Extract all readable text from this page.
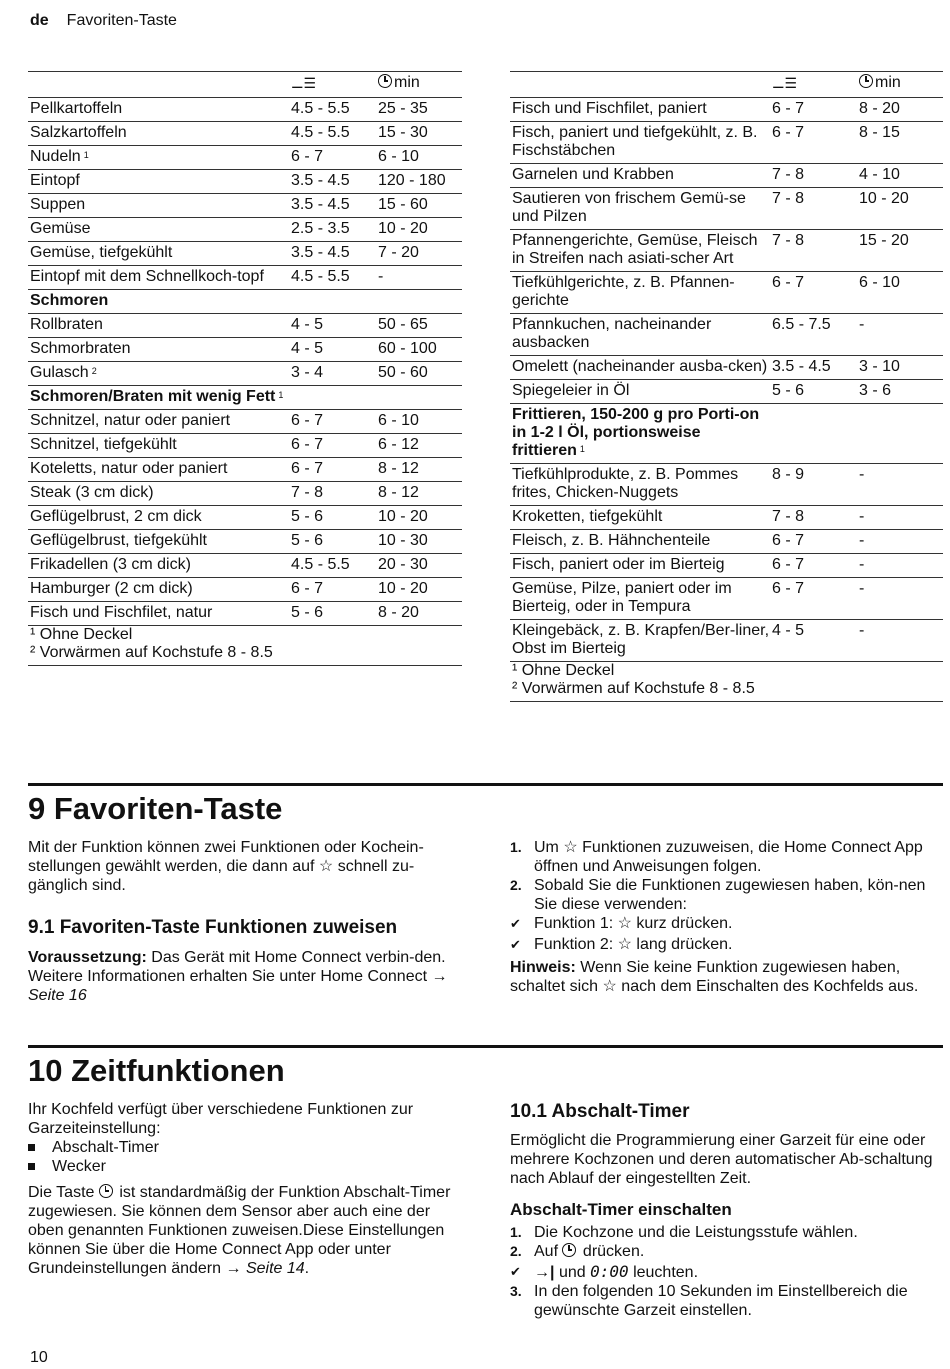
de Favoriten-Taste
	⚊☰	min
Pellkartoffeln	4.5 - 5.5	25 - 35
Salzkartoffeln	4.5 - 5.5	15 - 30
Nudeln $^1$	6 - 7	6 - 10
Eintopf	3.5 - 4.5	120 - 180
Suppen	3.5 - 4.5	15 - 60
Gemüse	2.5 - 3.5	10 - 20
Gemüse, tiefgekühlt	3.5 - 4.5	7 - 20
Eintopf mit dem Schnellkoch-topf	4.5 - 5.5	-
Schmoren		
Rollbraten	4 - 5	50 - 65
Schmorbraten	4 - 5	60 - 100
Gulasch $^2$	3 - 4	50 - 60
Schmoren/Braten mit wenig Fett $^1$		
Schnitzel, natur oder paniert	6 - 7	6 - 10
Schnitzel, tiefgekühlt	6 - 7	6 - 12
Koteletts, natur oder paniert	6 - 7	8 - 12
Steak (3 cm dick)	7 - 8	8 - 12
Geflügelbrust, 2 cm dick	5 - 6	10 - 20
Geflügelbrust, tiefgekühlt	5 - 6	10 - 30
Frikadellen (3 cm dick)	4.5 - 5.5	20 - 30
Hamburger (2 cm dick)	6 - 7	10 - 20
Fisch und Fischfilet, natur	5 - 6	8 - 20
¹ Ohne Deckel		
² Vorwärmen auf Kochstufe 8 - 8.5		
	⚊☰	min
Fisch und Fischfilet, paniert	6 - 7	8 - 20
Fisch, paniert und tiefgekühlt, z. B. Fischstäbchen	6 - 7	8 - 15
Garnelen und Krabben	7 - 8	4 - 10
Sautieren von frischem Gemü-se und Pilzen	7 - 8	10 - 20
Pfannengerichte, Gemüse, Fleisch in Streifen nach asiati-scher Art	7 - 8	15 - 20
Tiefkühlgerichte, z. B. Pfannen-gerichte	6 - 7	6 - 10
Pfannkuchen, nacheinander ausbacken	6.5 - 7.5	-
Omelett (nacheinander ausba-cken)	3.5 - 4.5	3 - 10
Spiegeleier in Öl	5 - 6	3 - 6
Frittieren, 150-200 g pro Porti-on in 1-2 l Öl, portionsweise frittieren $^1$		
Tiefkühlprodukte, z. B. Pommes frites, Chicken-Nuggets	8 - 9	-
Kroketten, tiefgekühlt	7 - 8	-
Fleisch, z. B. Hähnchenteile	6 - 7	-
Fisch, paniert oder im Bierteig	6 - 7	-
Gemüse, Pilze, paniert oder im Bierteig, oder in Tempura	6 - 7	-
Kleingebäck, z. B. Krapfen/Ber-liner, Obst im Bierteig	4 - 5	-
¹ Ohne Deckel		
² Vorwärmen auf Kochstufe 8 - 8.5		
9 Favoriten-Taste
Mit der Funktion können zwei Funktionen oder Kochein-stellungen gewählt werden, die dann auf ☆ schnell zu-gänglich sind.
9.1 Favoriten-Taste Funktionen zuweisen
Voraussetzung: Das Gerät mit Home Connect verbin-den. Weitere Informationen erhalten Sie unter Home Connect → Seite 16
1. Um ☆ Funktionen zuzuweisen, die Home Connect App öffnen und Anweisungen folgen.
2. Sobald Sie die Funktionen zugewiesen haben, kön-nen Sie diese verwenden:
✔ Funktion 1: ☆ kurz drücken.
✔ Funktion 2: ☆ lang drücken.
Hinweis: Wenn Sie keine Funktion zugewiesen haben, schaltet sich ☆ nach dem Einschalten des Kochfelds aus.
10 Zeitfunktionen
Ihr Kochfeld verfügt über verschiedene Funktionen zur Garzeiteinstellung:
Abschalt-Timer
Wecker
Die Taste ist standardmäßig der Funktion Abschalt-Timer zugewiesen. Sie können dem Sensor aber auch eine der oben genannten Funktionen zuweisen.Diese Einstellungen können Sie über die Home Connect App oder unter Grundeinstellungen ändern → Seite 14.
10.1 Abschalt-Timer
Ermöglicht die Programmierung einer Garzeit für eine oder mehrere Kochzonen und deren automatischer Ab-schaltung nach Ablauf der eingestellten Zeit.
Abschalt-Timer einschalten
1. Die Kochzone und die Leistungsstufe wählen.
2. Auf drücken.
✔ →| und 0:00 leuchten.
3. In den folgenden 10 Sekunden im Einstellbereich die gewünschte Garzeit einstellen.
10
